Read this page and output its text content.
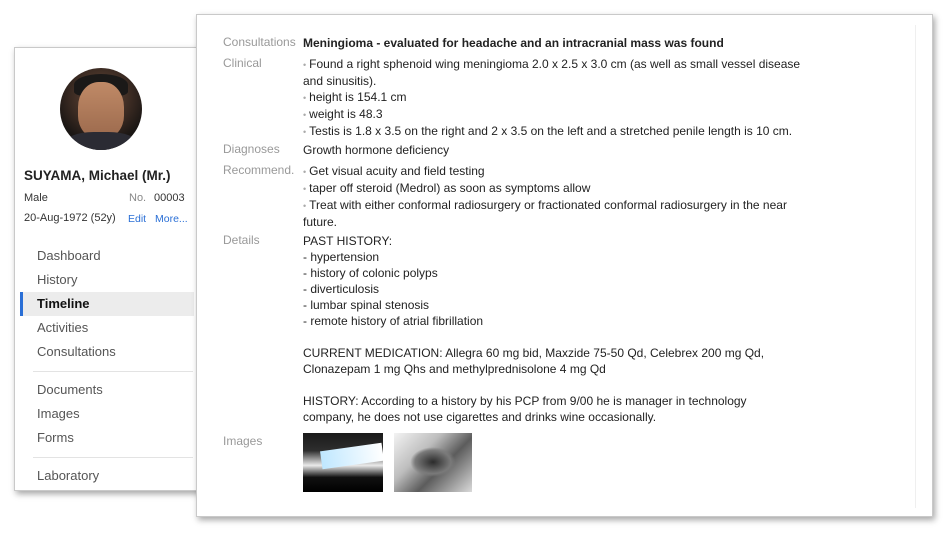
SUYAMA, Michael (Mr.)
Male	No. 00003
20-Aug-1972 (52y) Edit More...
Dashboard
History
Timeline
Activities
Consultations
Documents
Images
Forms
Laboratory
Consultations Meningioma - evaluated for headache and an intracranial mass was found
Clinical	• Found a right sphenoid wing meningioma 2.0 x 2.5 x 3.0 cm (as well as small vessel disease
and sinusitis).
• height is 154.1 cm
• weight is 48.3
• Testis is 1.8 x 3.5 on the right and 2 x 3.5 on the left and a stretched penile length is 10 cm.
Diagnoses Growth hormone deficiency
Recommend. • Get visual acuity and field testing
• taper off steroid (Medrol) as soon as symptoms allow
• Treat with either conformal radiosurgery or fractionated conformal radiosurgery in the near
future.
Details	PAST HISTORY:
- hypertension
- history of colonic polyps
- diverticulosis
- lumbar spinal stenosis
- remote history of atrial fibrillation
CURRENT MEDICATION: Allegra 60 mg bid, Maxzide 75-50 Qd, Celebrex 200 mg Qd,
Clonazepam 1 mg Qhs and methylprednisolone 4 mg Qd
HISTORY: According to a history by his PCP from 9/00 he is manager in technology
company, he does not use cigarettes and drinks wine occasionally.
Images
